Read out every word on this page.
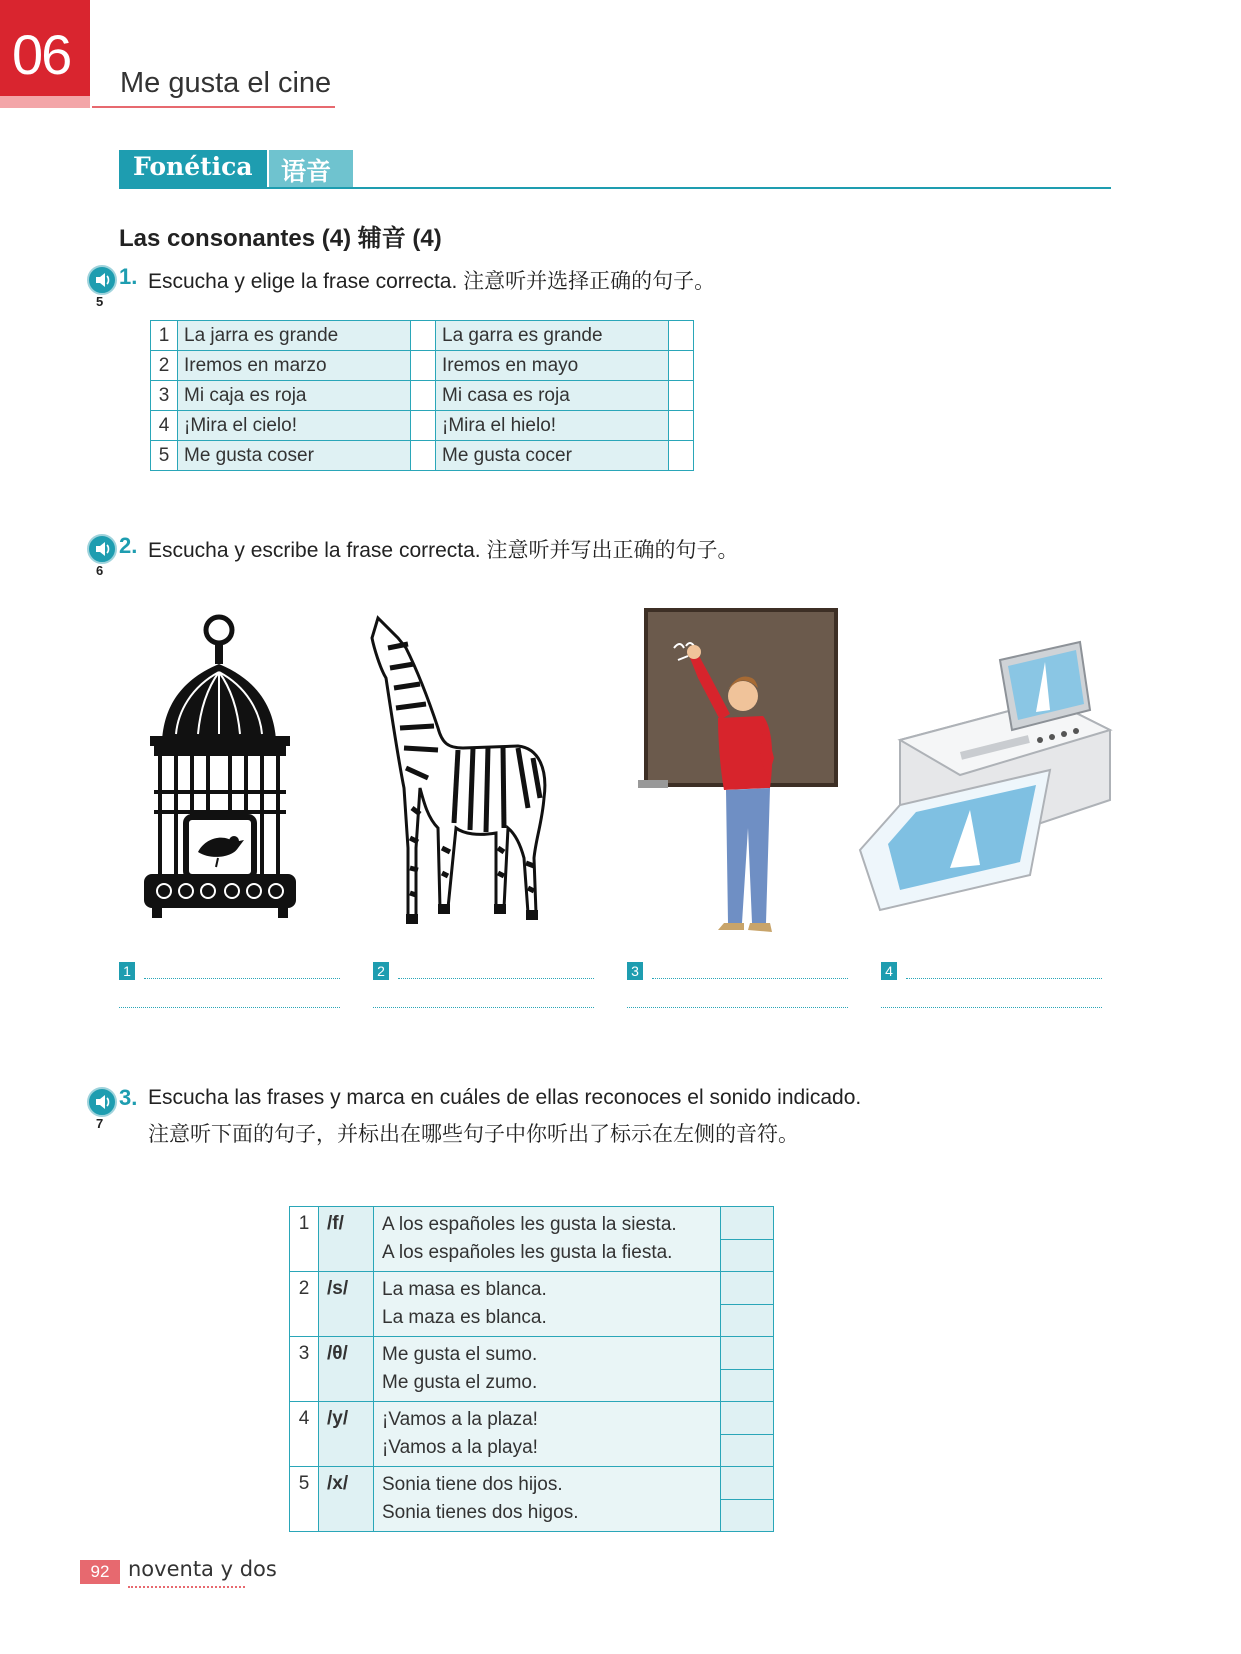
06 Me gusta el cine
Fonética 语音
Las consonantes (4) 辅音 (4)
5
1. Escucha y elige la frase correcta. 注意听并选择正确的句子。
1	La jarra es grande		La garra es grande	
2	Iremos en marzo		Iremos en mayo	
3	Mi caja es roja		Mi casa es roja	
4	¡Mira el cielo!		¡Mira el hielo!	
5	Me gusta coser		Me gusta cocer	
6
2. Escucha y escribe la frase correcta. 注意听并写出正确的句子。
1	2	3	4
7
3. Escucha las frases y marca en cuáles de ellas reconoces el sonido indicado.
注意听下面的句子，并标出在哪些句子中你听出了标示在左侧的音符。
1	/f/	A los españoles les gusta la siesta.
A los españoles les gusta la fiesta.	

2	/s/	La masa es blanca.
La maza es blanca.	

3	/θ/	Me gusta el sumo.
Me gusta el zumo.	

4	/y/	¡Vamos a la plaza!
¡Vamos a la playa!	

5	/x/	Sonia tiene dos hijos.
Sonia tienes dos higos.	

92 noventa y dos
